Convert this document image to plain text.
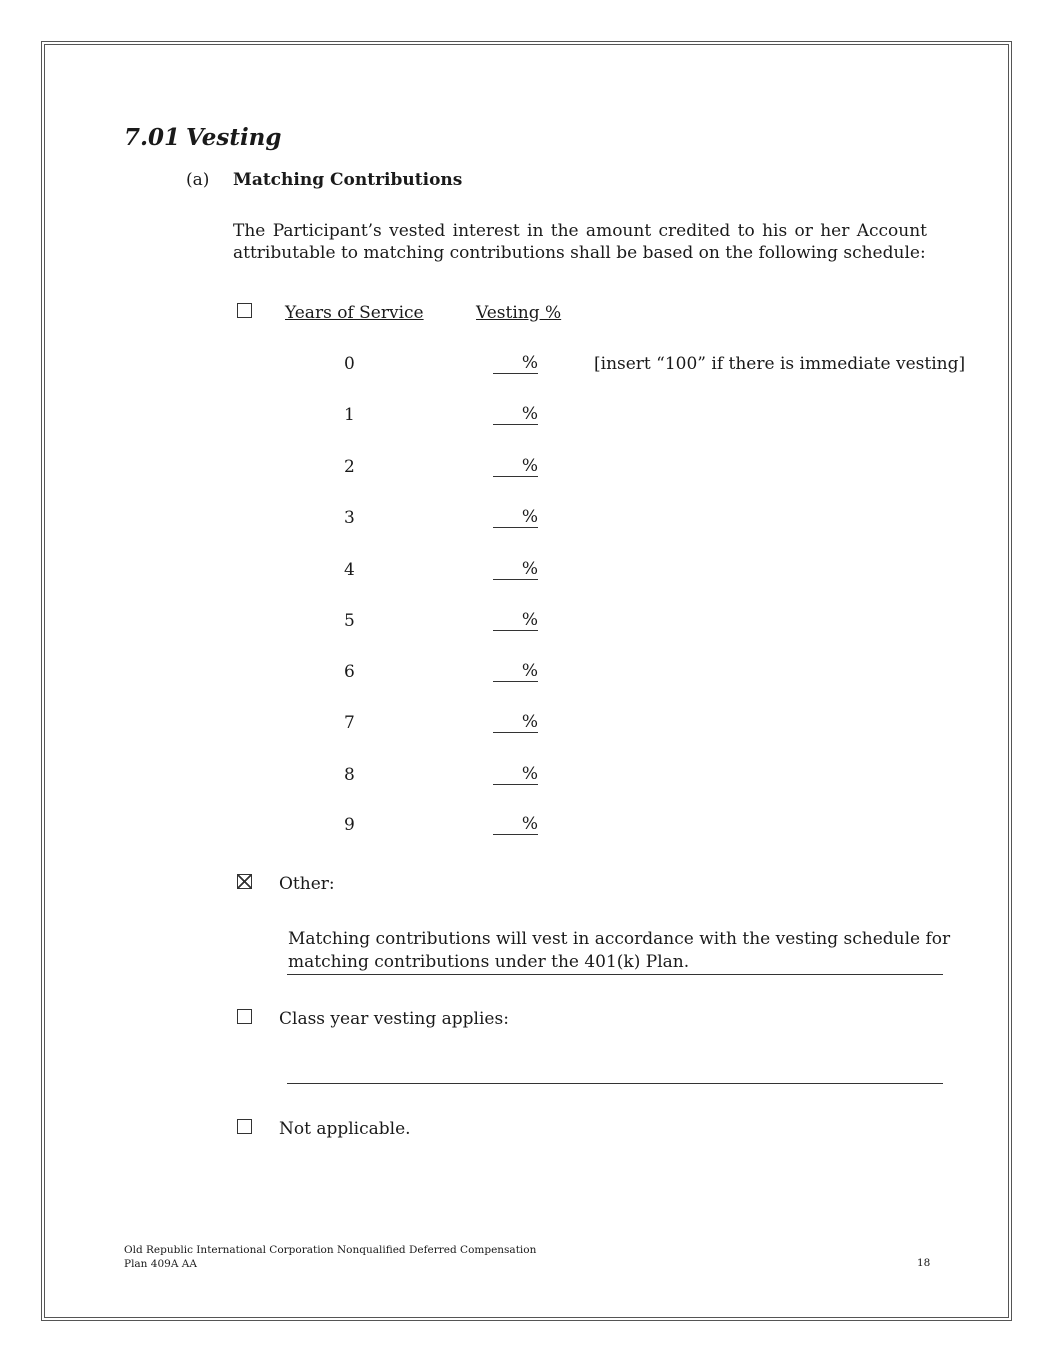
7.01 Vesting
(a) Matching Contributions
The Participant’s vested interest in the amount credited to his or her Account
attributable to matching contributions shall be based on the following schedule:
Years of Service	Vesting %
0	%
1	%
2	%
3	%
4	%
5	%
6	%
7	%
8	%
9	%
[insert “100” if there is immediate vesting]
Other:
Matching contributions will vest in accordance with the vesting schedule for
matching contributions under the 401(k) Plan.
Class year vesting applies:
Not applicable.
Old Republic International Corporation Nonqualified Deferred Compensation
Plan 409A AA	18
